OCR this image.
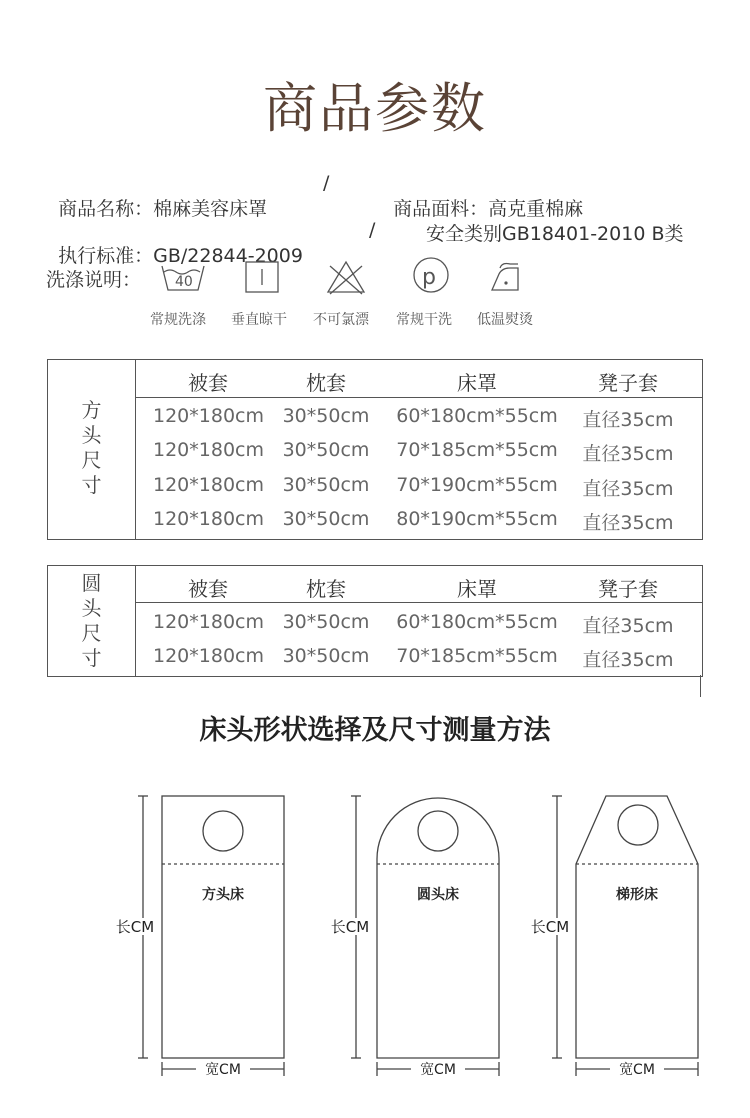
商品参数

商品名称：棉麻美容床罩

/

商品面料：高克重棉麻

执行标准：GB/22844-2009

/	安全类别GB18401-2010 B类
洗涤说明： 40	p
常规洗涤 垂直晾干 不可氯漂 常规干洗 低温熨烫
方
头
尺
寸
被套	枕套	床罩	凳子套
120*180cm 30*50cm 60*180cm*55cm 直径35cm
120*180cm 30*50cm 70*185cm*55cm 直径35cm
120*180cm 30*50cm 70*190cm*55cm 直径35cm
120*180cm 30*50cm 80*190cm*55cm 直径35cm
圆
头
尺
寸
被套	枕套	床罩	凳子套
120*180cm 30*50cm 60*180cm*55cm 直径35cm
120*180cm 30*50cm 70*185cm*55cm 直径35cm
床头形状选择及尺寸测量方法
方头床	圆头床	梯形床
长CM	长CM	长CM
宽CM	宽CM	宽CM
